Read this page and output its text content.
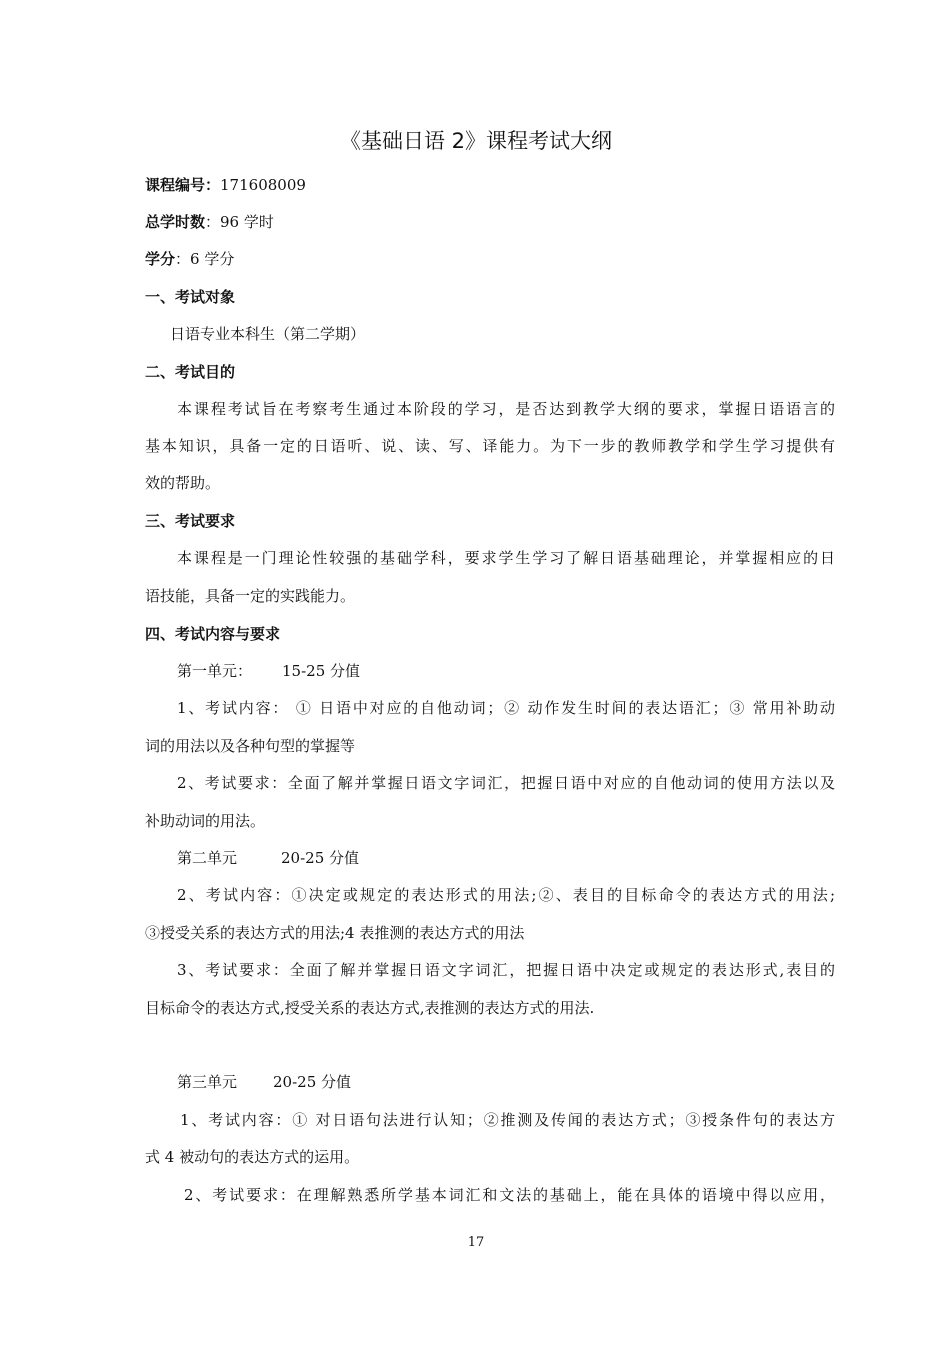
《基础日语 2》课程考试大纲
课程编号：171608009
总学时数：96 学时
学分：6 学分
一、考试对象
日语专业本科生（第二学期）
二、考试目的
本课程考试旨在考察考生通过本阶段的学习，是否达到教学大纲的要求，掌握日语语言的
基本知识，具备一定的日语听、说、读、写、译能力。为下一步的教师教学和学生学习提供有
效的帮助。
三、考试要求
本课程是一门理论性较强的基础学科，要求学生学习了解日语基础理论，并掌握相应的日
语技能，具备一定的实践能力。
四、考试内容与要求
第一单元： 15-25 分值
1、考试内容： ① 日语中对应的自他动词；② 动作发生时间的表达语汇；③ 常用补助动
词的用法以及各种句型的掌握等
2、考试要求：全面了解并掌握日语文字词汇，把握日语中对应的自他动词的使用方法以及
补助动词的用法。
第二单元	20-25 分值
2、考试内容：①决定或规定的表达形式的用法;②、表目的目标命令的表达方式的用法;
③授受关系的表达方式的用法;4 表推测的表达方式的用法
3、考试要求：全面了解并掌握日语文字词汇，把握日语中决定或规定的表达形式,表目的
目标命令的表达方式,授受关系的表达方式,表推测的表达方式的用法.
第三单元 20-25 分值
1、考试内容：① 对日语句法进行认知；②推测及传闻的表达方式；③授条件句的表达方
式 4 被动句的表达方式的运用。
2、考试要求：在理解熟悉所学基本词汇和文法的基础上，能在具体的语境中得以应用，
17
